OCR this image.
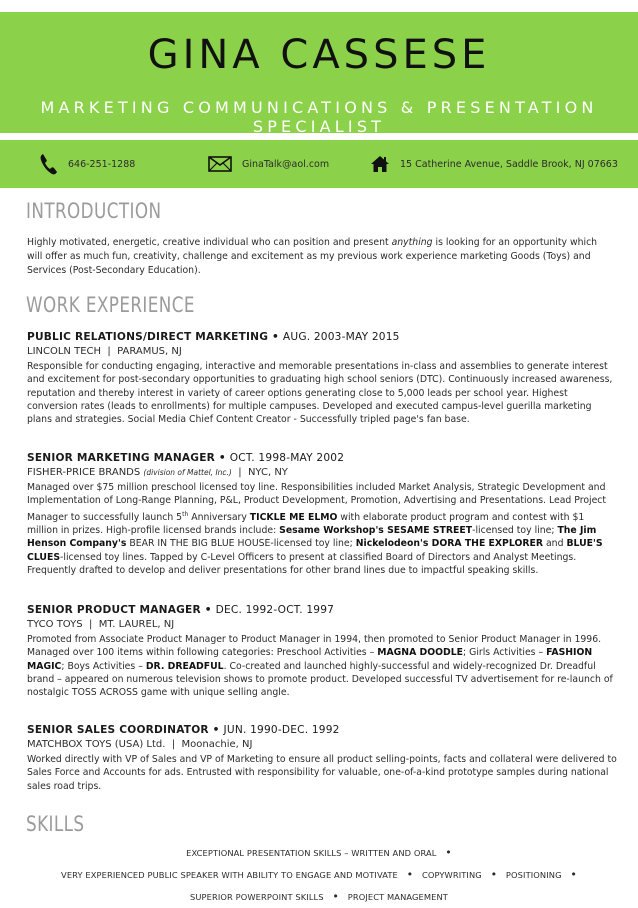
GINA CASSESE
MARKETING COMMUNICATIONS & PRESENTATION SPECIALIST
646-251-1288	GinaTalk@aol.com	15 Catherine Avenue, Saddle Brook, NJ 07663
INTRODUCTION

Highly motivated, energetic, creative individual who can position and present anything is looking for an opportunity which will offer as much fun, creativity, challenge and excitement as my previous work experience marketing Goods (Toys) and Services (Post-Secondary Education).

WORK EXPERIENCE
PUBLIC RELATIONS/DIRECT MARKETING • AUG. 2003-MAY 2015
LINCOLN TECH | PARAMUS, NJ
Responsible for conducting engaging, interactive and memorable presentations in-class and assemblies to generate interest and excitement for post-secondary opportunities to graduating high school seniors (DTC). Continuously increased awareness, reputation and thereby interest in variety of career options generating close to 5,000 leads per school year. Highest conversion rates (leads to enrollments) for multiple campuses. Developed and executed campus-level guerilla marketing plans and strategies. Social Media Chief Content Creator - Successfully tripled page's fan base.
SENIOR MARKETING MANAGER • OCT. 1998-MAY 2002
FISHER-PRICE BRANDS (division of Mattel, Inc.) | NYC, NY
Managed over $75 million preschool licensed toy line. Responsibilities included Market Analysis, Strategic Development and Implementation of Long-Range Planning, P&L, Product Development, Promotion, Advertising and Presentations. Lead Project Manager to successfully launch 5th Anniversary TICKLE ME ELMO with elaborate product program and contest with $1 million in prizes. High-profile licensed brands include: Sesame Workshop's SESAME STREET-licensed toy line; The Jim Henson Company's BEAR IN THE BIG BLUE HOUSE-licensed toy line; Nickelodeon's DORA THE EXPLORER and BLUE'S CLUES-licensed toy lines. Tapped by C-Level Officers to present at classified Board of Directors and Analyst Meetings. Frequently drafted to develop and deliver presentations for other brand lines due to impactful speaking skills.
SENIOR PRODUCT MANAGER • DEC. 1992-OCT. 1997
TYCO TOYS | MT. LAUREL, NJ
Promoted from Associate Product Manager to Product Manager in 1994, then promoted to Senior Product Manager in 1996. Managed over 100 items within following categories: Preschool Activities – MAGNA DOODLE; Girls Activities – FASHION MAGIC; Boys Activities – DR. DREADFUL. Co-created and launched highly-successful and widely-recognized Dr. Dreadful brand – appeared on numerous television shows to promote product. Developed successful TV advertisement for re-launch of nostalgic TOSS ACROSS game with unique selling angle.
SENIOR SALES COORDINATOR • JUN. 1990-DEC. 1992
MATCHBOX TOYS (USA) Ltd. | Moonachie, NJ
Worked directly with VP of Sales and VP of Marketing to ensure all product selling-points, facts and collateral were delivered to Sales Force and Accounts for ads. Entrusted with responsibility for valuable, one-of-a-kind prototype samples during national sales road trips.
SKILLS
EXCEPTIONAL PRESENTATION SKILLS – WRITTEN AND ORAL • VERY EXPERIENCED PUBLIC SPEAKER WITH ABILITY TO ENGAGE AND MOTIVATE • COPYWRITING • POSITIONING • SUPERIOR POWERPOINT SKILLS • PROJECT MANAGEMENT
